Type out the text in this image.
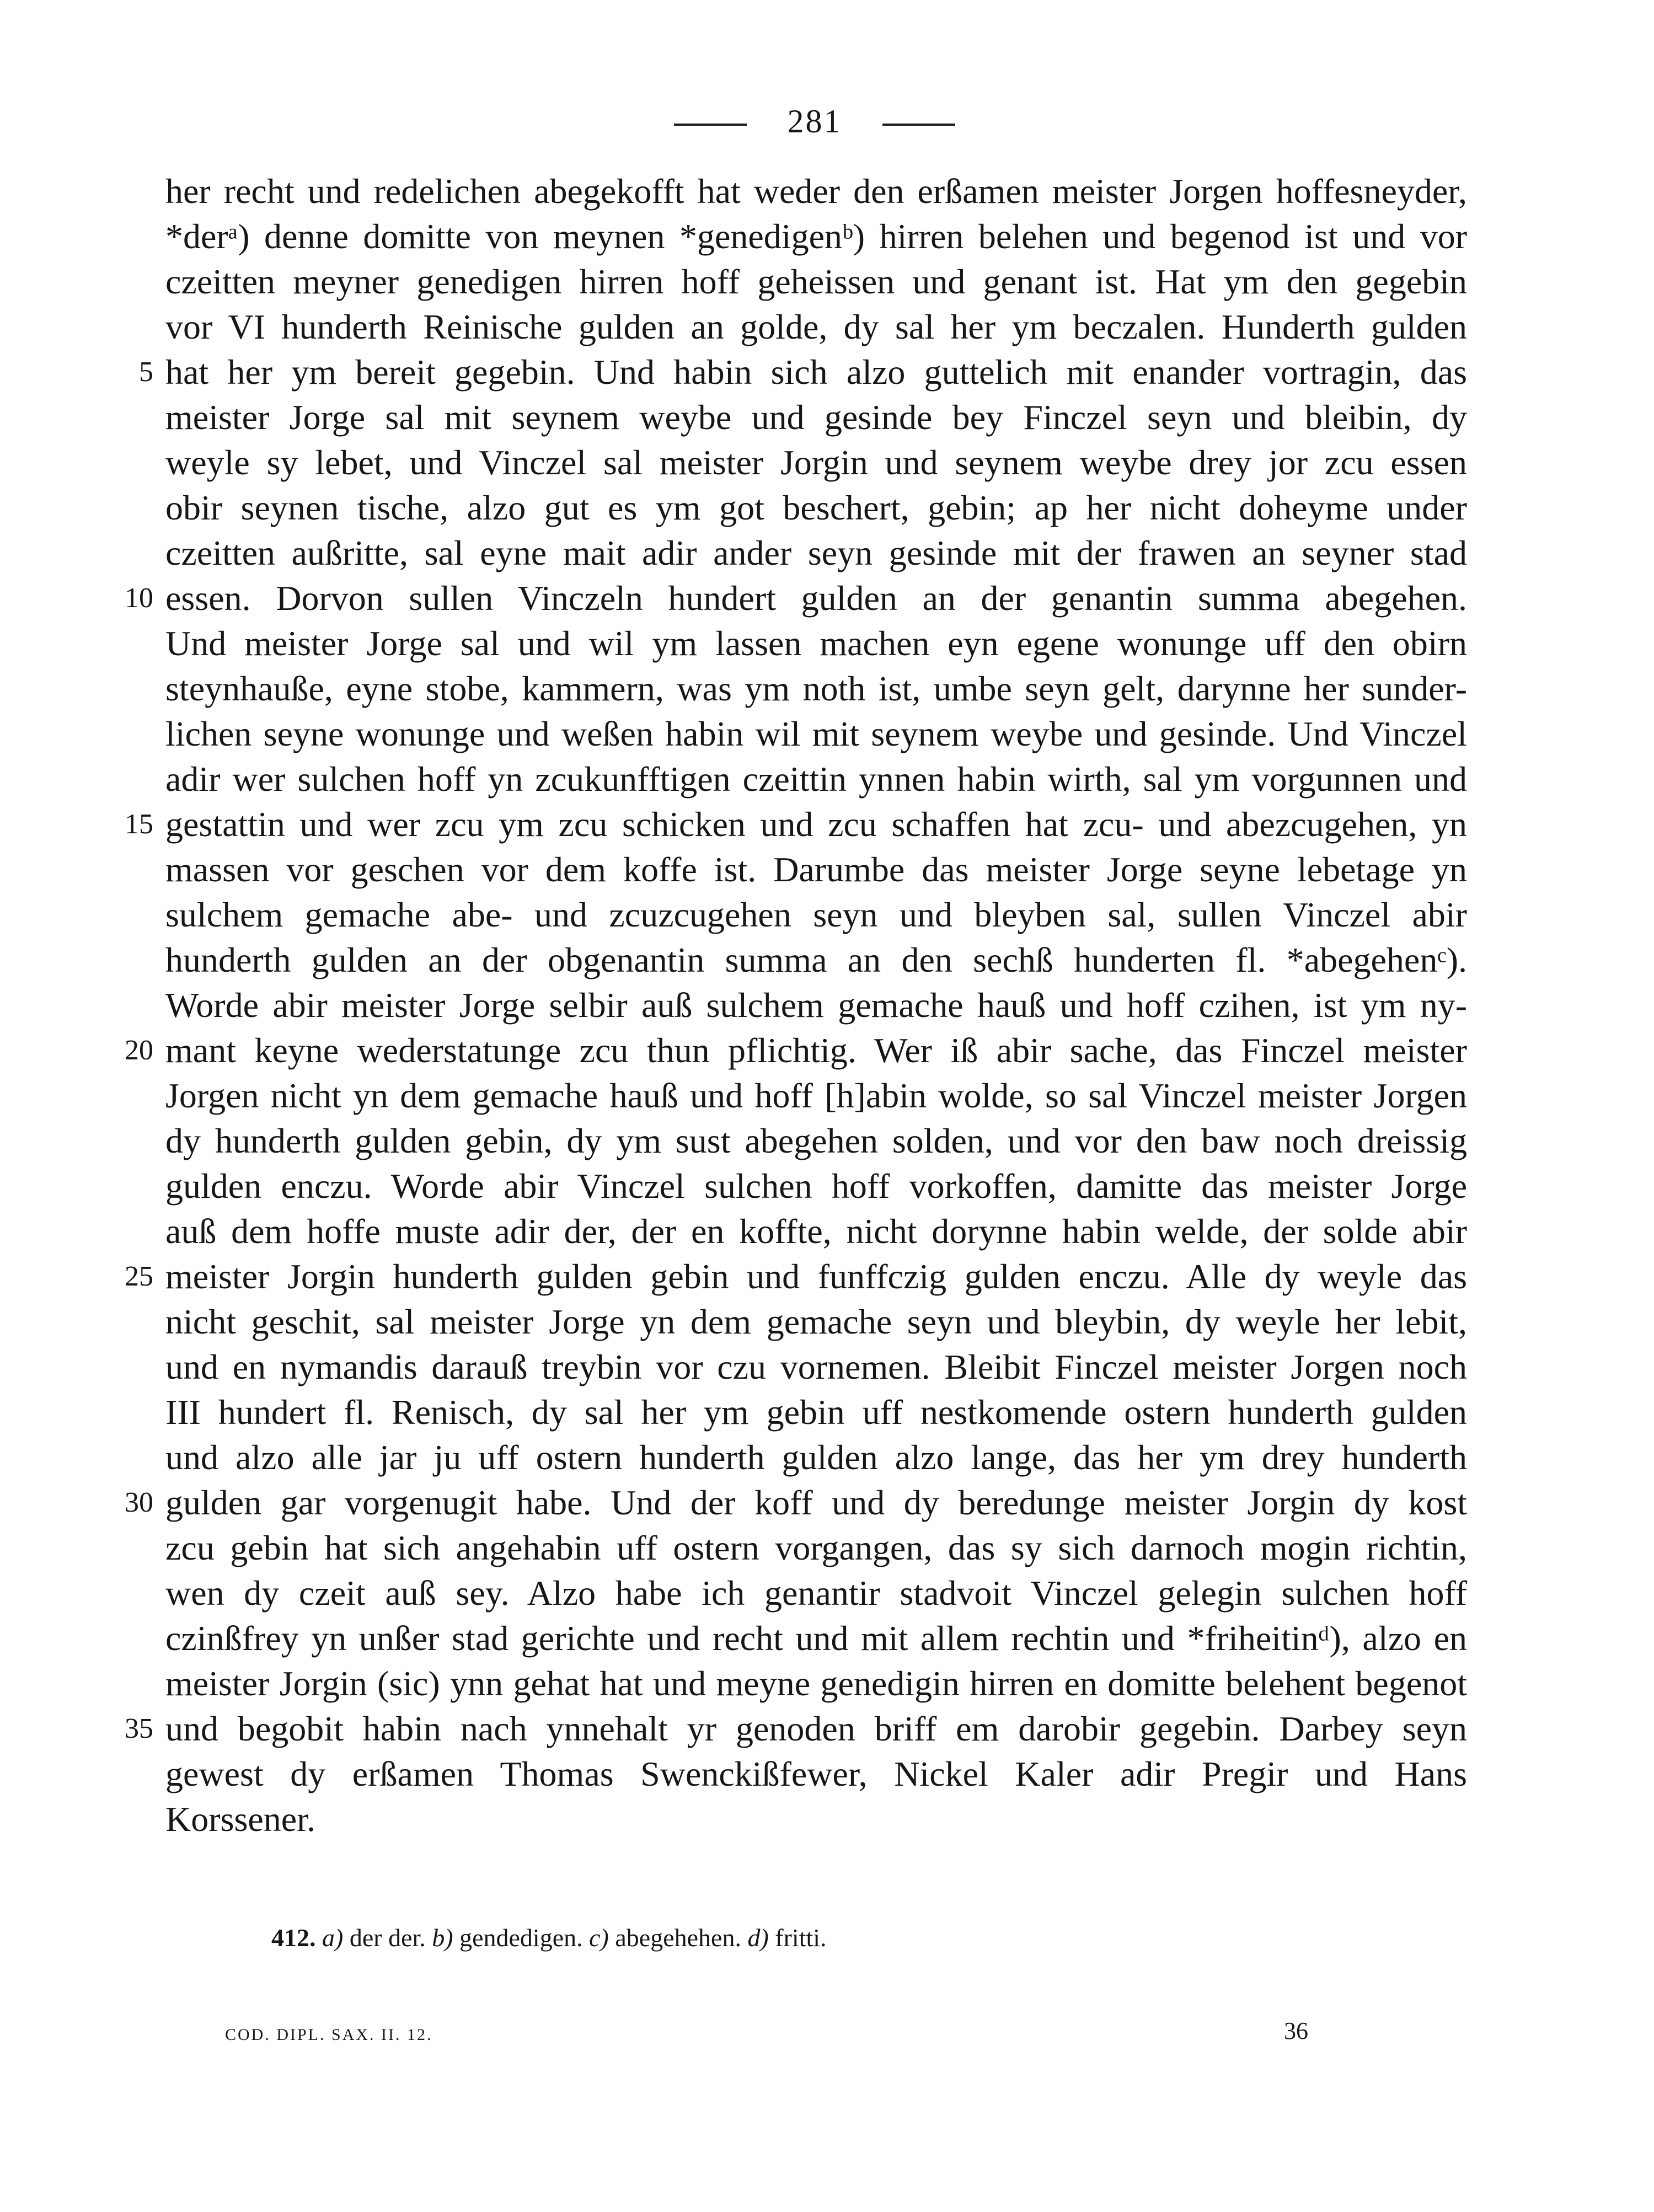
281
her recht und redelichen abegekofft hat weder den erßamen meister Jorgen hoffesneyder,
*derᵃ) denne domitte von meynen *genedigenᵇ) hirren belehen und begenod ist und vor
czeitten meyner genedigen hirren hoff geheissen und genant ist. Hat ym den gegebin
vor VI hunderth Reinische gulden an golde, dy sal her ym beczalen. Hunderth gulden
5 hat her ym bereit gegebin. Und habin sich alzo guttelich mit enander vortragin, das
meister Jorge sal mit seynem weybe und gesinde bey Finczel seyn und bleibin, dy
weyle sy lebet, und Vinczel sal meister Jorgin und seynem weybe drey jor zcu essen
obir seynen tische, alzo gut es ym got beschert, gebin; ap her nicht doheyme under
czeitten außritte, sal eyne mait adir ander seyn gesinde mit der frawen an seyner stad
10 essen. Dorvon sullen Vinczeln hundert gulden an der genantin summa abegehen.
Und meister Jorge sal und wil ym lassen machen eyn egene wonunge uff den obirn
steynhauße, eyne stobe, kammern, was ym noth ist, umbe seyn gelt, darynne her sunder-
lichen seyne wonunge und weßen habin wil mit seynem weybe und gesinde. Und Vinczel
adir wer sulchen hoff yn zcukunfftigen czeittin ynnen habin wirth, sal ym vorgunnen und
15 gestattin und wer zcu ym zcu schicken und zcu schaffen hat zcu- und abezcugehen, yn
massen vor geschen vor dem koffe ist. Darumbe das meister Jorge seyne lebetage yn
sulchem gemache abe- und zcuzcugehen seyn und bleyben sal, sullen Vinczel abir
hunderth gulden an der obgenantin summa an den sechß hunderten fl. *abegehenᶜ).
Worde abir meister Jorge selbir auß sulchem gemache hauß und hoff czihen, ist ym ny-
20 mant keyne wederstatunge zcu thun pflichtig. Wer iß abir sache, das Finczel meister
Jorgen nicht yn dem gemache hauß und hoff [h]abin wolde, so sal Vinczel meister Jorgen
dy hunderth gulden gebin, dy ym sust abegehen solden, und vor den baw noch dreissig
gulden enczu. Worde abir Vinczel sulchen hoff vorkoffen, damitte das meister Jorge
auß dem hoffe muste adir der, der en koffte, nicht dorynne habin welde, der solde abir
25 meister Jorgin hunderth gulden gebin und funffczig gulden enczu. Alle dy weyle das
nicht geschit, sal meister Jorge yn dem gemache seyn und bleybin, dy weyle her lebit,
und en nymandis darauß treybin vor czu vornemen. Bleibit Finczel meister Jorgen noch
III hundert fl. Renisch, dy sal her ym gebin uff nestkomende ostern hunderth gulden
und alzo alle jar ju uff ostern hunderth gulden alzo lange, das her ym drey hunderth
30 gulden gar vorgenugit habe. Und der koff und dy beredunge meister Jorgin dy kost
zcu gebin hat sich angehabin uff ostern vorgangen, das sy sich darnoch mogin richtin,
wen dy czeit auß sey. Alzo habe ich genantir stadvoit Vinczel gelegin sulchen hoff
czinßfrey yn unßer stad gerichte und recht und mit allem rechtin und *friheitinᵈ), alzo en
meister Jorgin (sic) ynn gehat hat und meyne genedigin hirren en domitte belehent begenot
35 und begobit habin nach ynnehalt yr genoden briff em darobir gegebin. Darbey seyn
gewest dy erßamen Thomas Swenckißfewer, Nickel Kaler adir Pregir und Hans
Korssener.
412. a) der der. b) gendedigen. c) abegehehen. d) fritti.
COD. DIPL. SAX. II. 12.	36
